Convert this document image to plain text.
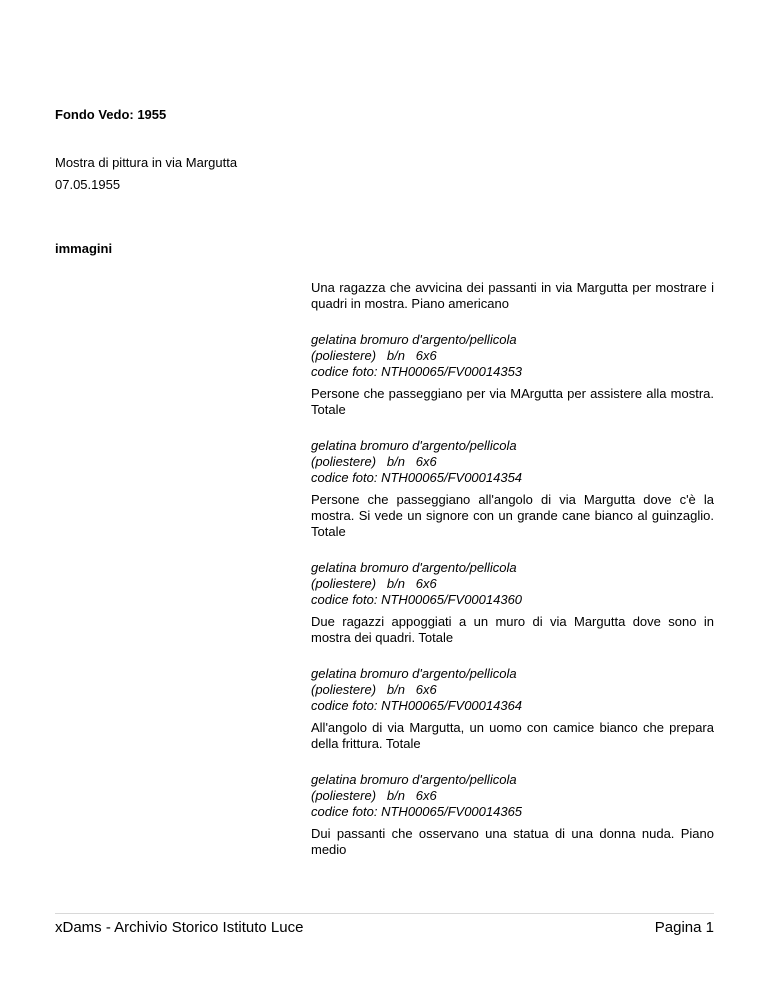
Fondo Vedo: 1955
Mostra di pittura in via Margutta
07.05.1955
immagini

Una ragazza che avvicina dei passanti in via Margutta per mostrare i quadri in mostra. Piano americano

gelatina bromuro d'argento/pellicola
(poliestere)   b/n   6x6
codice foto: NTH00065/FV00014353

Persone che passeggiano per via MArgutta per assistere alla mostra. Totale

gelatina bromuro d'argento/pellicola
(poliestere)   b/n   6x6
codice foto: NTH00065/FV00014354

Persone che passeggiano all'angolo di via Margutta dove c'è la mostra. Si vede un signore con un grande cane bianco al guinzaglio. Totale

gelatina bromuro d'argento/pellicola
(poliestere)   b/n   6x6
codice foto: NTH00065/FV00014360

Due ragazzi appoggiati a un muro di via Margutta dove sono in mostra dei quadri. Totale

gelatina bromuro d'argento/pellicola
(poliestere)   b/n   6x6
codice foto: NTH00065/FV00014364

All'angolo di via Margutta, un uomo con camice bianco che prepara della frittura. Totale

gelatina bromuro d'argento/pellicola
(poliestere)   b/n   6x6
codice foto: NTH00065/FV00014365

Dui passanti che osservano una statua di una donna nuda. Piano medio

xDams - Archivio Storico Istituto Luce	Pagina 1
